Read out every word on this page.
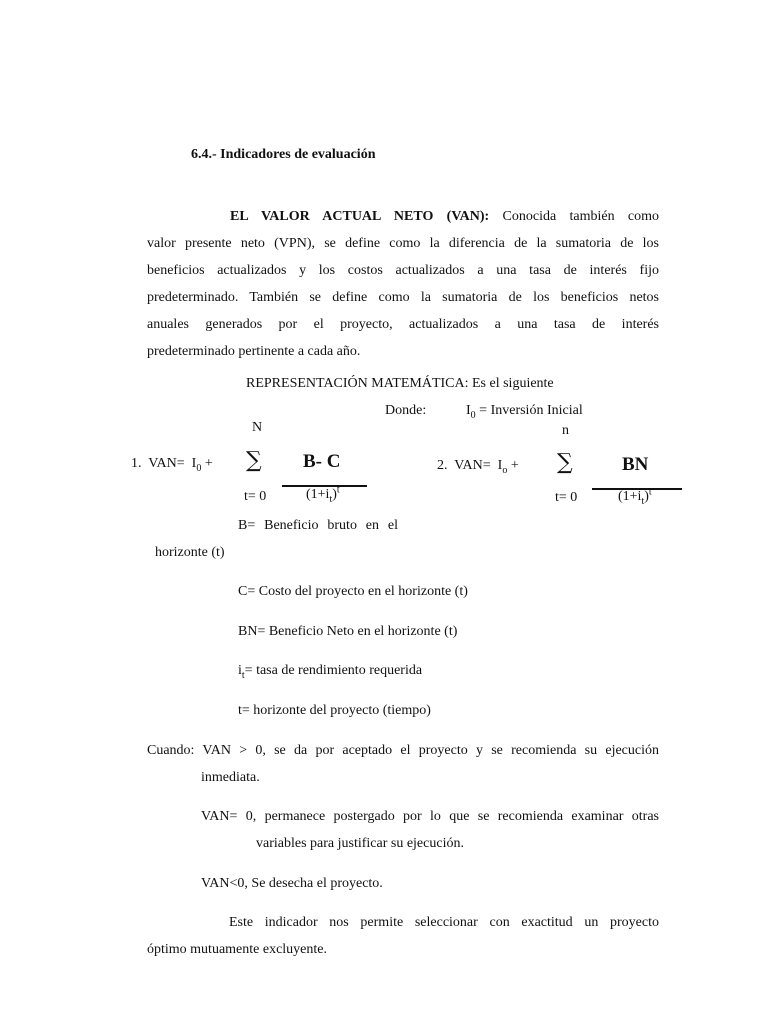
6.4.- Indicadores de evaluación
EL VALOR ACTUAL NETO (VAN): Conocida también como
valor presente neto (VPN), se define como la diferencia de la sumatoria de los
beneficios actualizados y los costos actualizados a una tasa de interés fijo
predeterminado. También se define como la sumatoria de los beneficios netos
anuales generados por el proyecto, actualizados a una tasa de interés
predeterminado pertinente a cada año.
REPRESENTACIÓN MATEMÁTICA: Es el siguiente
Donde:	$I_0$ = Inversión Inicial
N
1. $VAN= I_0$ + ∑ B- C
t= 0	$(1+i_t)^t$
n
2. $VAN= I_o$ + ∑	BN
t= 0	$(1+i_t)^t$
B= Beneficio bruto en el
horizonte (t)
C= Costo del proyecto en el horizonte (t)
BN= Beneficio Neto en el horizonte (t)
$i_t=$ tasa de rendimiento requerida
t= horizonte del proyecto (tiempo)
Cuando: VAN > 0, se da por aceptado el proyecto y se recomienda su ejecución
inmediata.
VAN= 0, permanece postergado por lo que se recomienda examinar otras
variables para justificar su ejecución.
VAN<0, Se desecha el proyecto.
Este indicador nos permite seleccionar con exactitud un proyecto
óptimo mutuamente excluyente.
